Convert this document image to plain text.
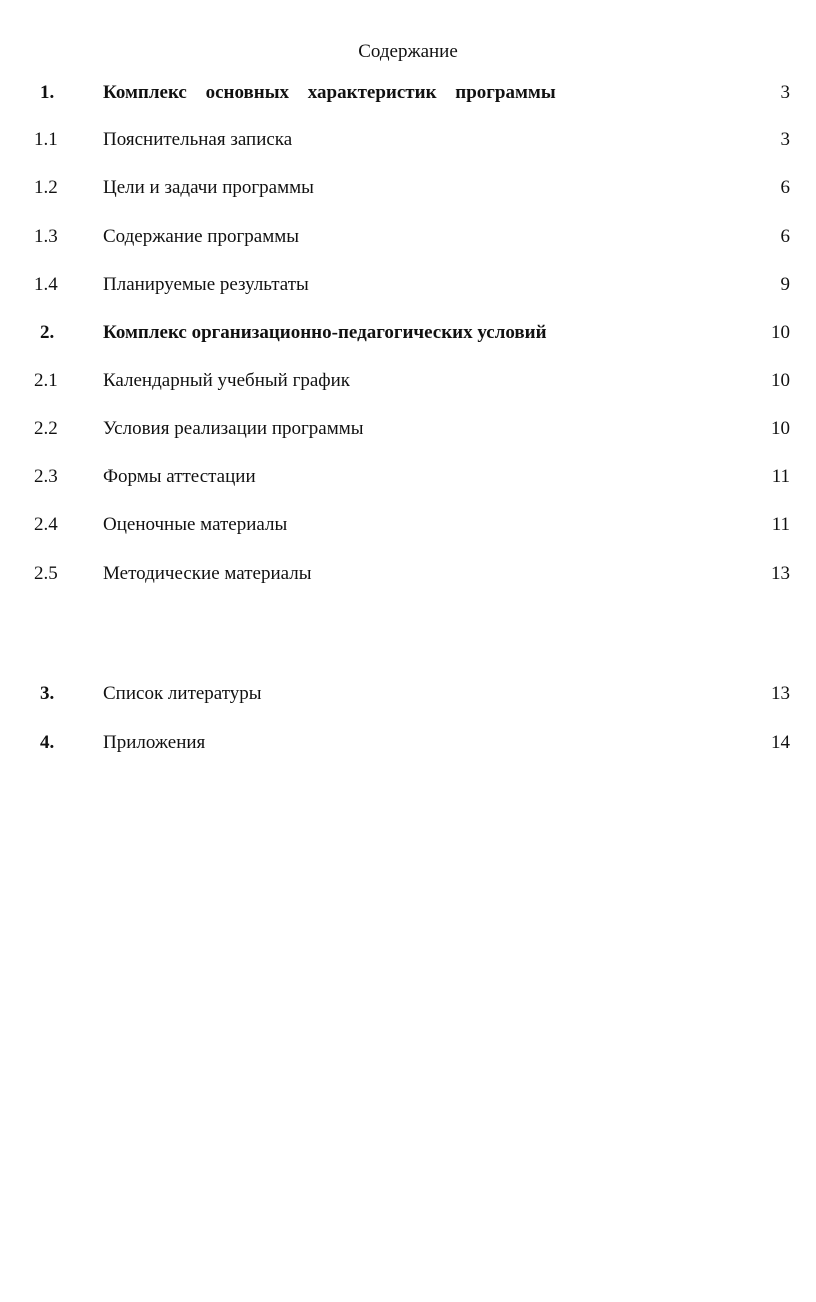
Содержание
1.	Комплекс основных характеристик программы	3
1.1	Пояснительная записка	3
1.2	Цели и задачи программы	6
1.3	Содержание программы	6
1.4	Планируемые результаты	9
2.	Комплекс организационно-педагогических условий	10
2.1	Календарный учебный график	10
2.2	Условия реализации программы	10
2.3	Формы аттестации	11
2.4	Оценочные материалы	11
2.5	Методические материалы	13
3.	Список литературы	13
4.	Приложения	14
